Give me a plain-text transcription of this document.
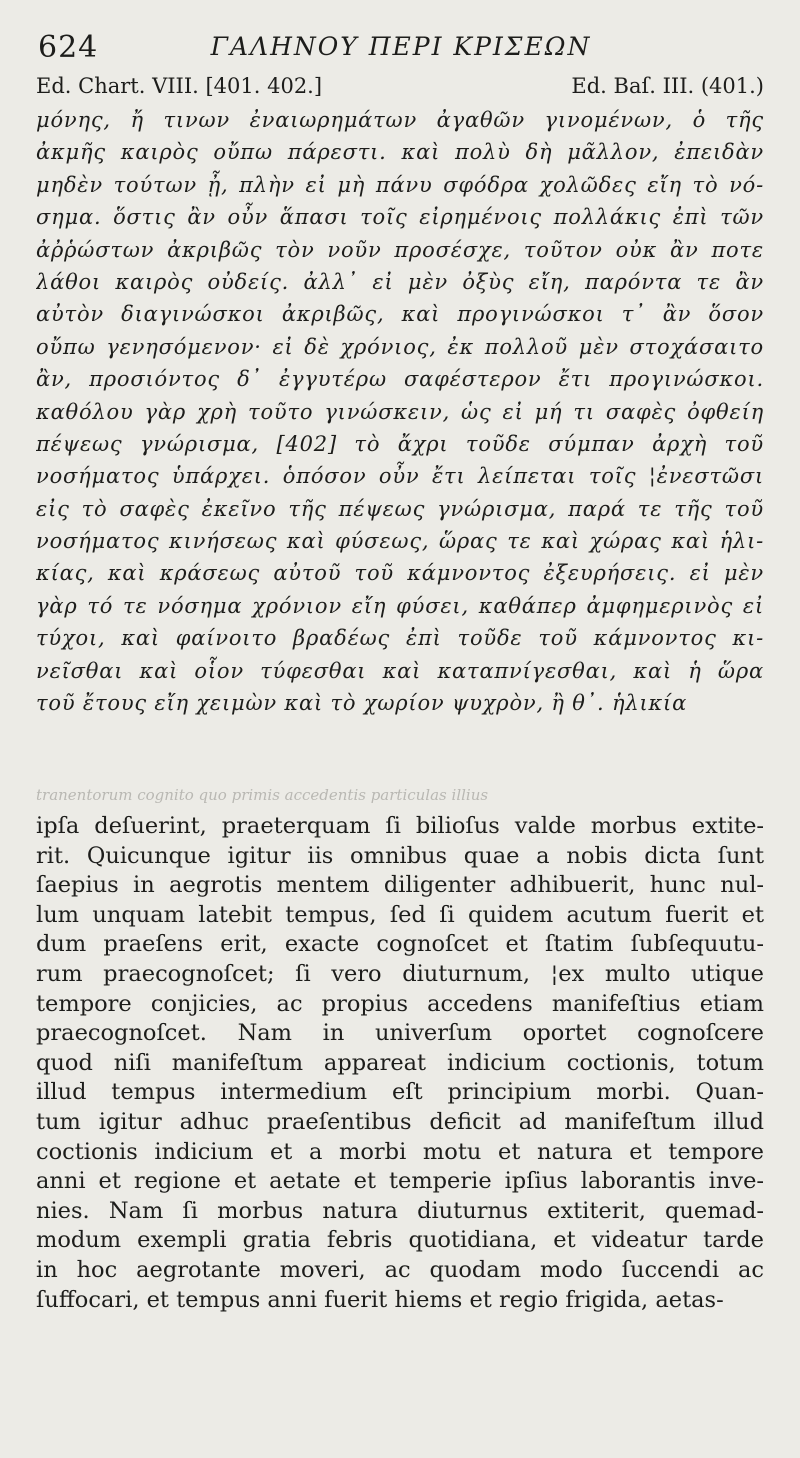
624	ΓΑΛΗΝΟΥ ΠΕΡΙ ΚΡΙΣΕΩΝ
Ed. Chart. VIII. [401. 402.]	Ed. Baſ. III. (401.)
μόνης, ἤ τινων ἐναιωρημάτων ἀγαθῶν γινομένων, ὁ τῆς
ἀκμῆς καιρὸς οὔπω πάρεστι. καὶ πολὺ δὴ μᾶλλον, ἐπειδὰν
μηδὲν τούτων ᾖ, πλὴν εἰ μὴ πάνυ σφόδρα χολῶδες εἴη τὸ νό-
σημα. ὅστις ἂν οὖν ἅπασι τοῖς εἰρημένοις πολλάκις ἐπὶ τῶν
ἀῤῥώστων ἀκριβῶς τὸν νοῦν προσέσχε, τοῦτον οὐκ ἂν ποτε
λάθοι καιρὸς οὐδείς. ἀλλ᾽ εἰ μὲν ὀξὺς εἴη, παρόντα τε ἂν
αὐτὸν διαγινώσκοι ἀκριβῶς, καὶ προγινώσκοι τ᾽ ἂν ὅσον
οὔπω γενησόμενον· εἰ δὲ χρόνιος, ἐκ πολλοῦ μὲν στοχάσαιτο
ἂν, προσιόντος δ᾽ ἐγγυτέρω σαφέστερον ἔτι προγινώσκοι.
καθόλου γὰρ χρὴ τοῦτο γινώσκειν, ὡς εἰ μή τι σαφὲς ὀφθείη
πέψεως γνώρισμα, [402] τὸ ἄχρι τοῦδε σύμπαν ἀρχὴ τοῦ
νοσήματος ὑπάρχει. ὁπόσον οὖν ἔτι λείπεται τοῖς ¦ἐνεστῶσι
εἰς τὸ σαφὲς ἐκεῖνο τῆς πέψεως γνώρισμα, παρά τε τῆς τοῦ
νοσήματος κινήσεως καὶ φύσεως, ὥρας τε καὶ χώρας καὶ ἡλι-
κίας, καὶ κράσεως αὐτοῦ τοῦ κάμνοντος ἐξευρήσεις. εἰ μὲν
γὰρ τό τε νόσημα χρόνιον εἴη φύσει, καθάπερ ἀμφημερινὸς εἰ
τύχοι, καὶ φαίνοιτο βραδέως ἐπὶ τοῦδε τοῦ κάμνοντος κι-
νεῖσθαι καὶ οἷον τύφεσθαι καὶ καταπνίγεσθαι, καὶ ἡ ὥρα
τοῦ ἔτους εἴη χειμὼν καὶ τὸ χωρίον ψυχρὸν, ἢ θ᾽. ἡλικία
tranentorum cognito quo primis accedentis particulas illius
ipſa deſuerint, praeterquam ſi bilioſus valde morbus extite-
rit. Quicunque igitur iis omnibus quae a nobis dicta ſunt
ſaepius in aegrotis mentem diligenter adhibuerit, hunc nul-
lum unquam latebit tempus, ſed ſi quidem acutum fuerit et
dum praeſens erit, exacte cognoſcet et ſtatim ſubſequutu-
rum praecognoſcet; ſi vero diuturnum, ¦ex multo utique
tempore conjicies, ac propius accedens manifeſtius etiam
praecognoſcet. Nam in univerſum oportet cognoſcere
quod niſi manifeſtum appareat indicium coctionis, totum
illud tempus intermedium eſt principium morbi. Quan-
tum igitur adhuc praeſentibus deficit ad manifeſtum illud
coctionis indicium et a morbi motu et natura et tempore
anni et regione et aetate et temperie ipſius laborantis inve-
nies. Nam ſi morbus natura diuturnus extiterit, quemad-
modum exempli gratia febris quotidiana, et videatur tarde
in hoc aegrotante moveri, ac quodam modo ſuccendi ac
ſuffocari, et tempus anni fuerit hiems et regio frigida, aetas-
